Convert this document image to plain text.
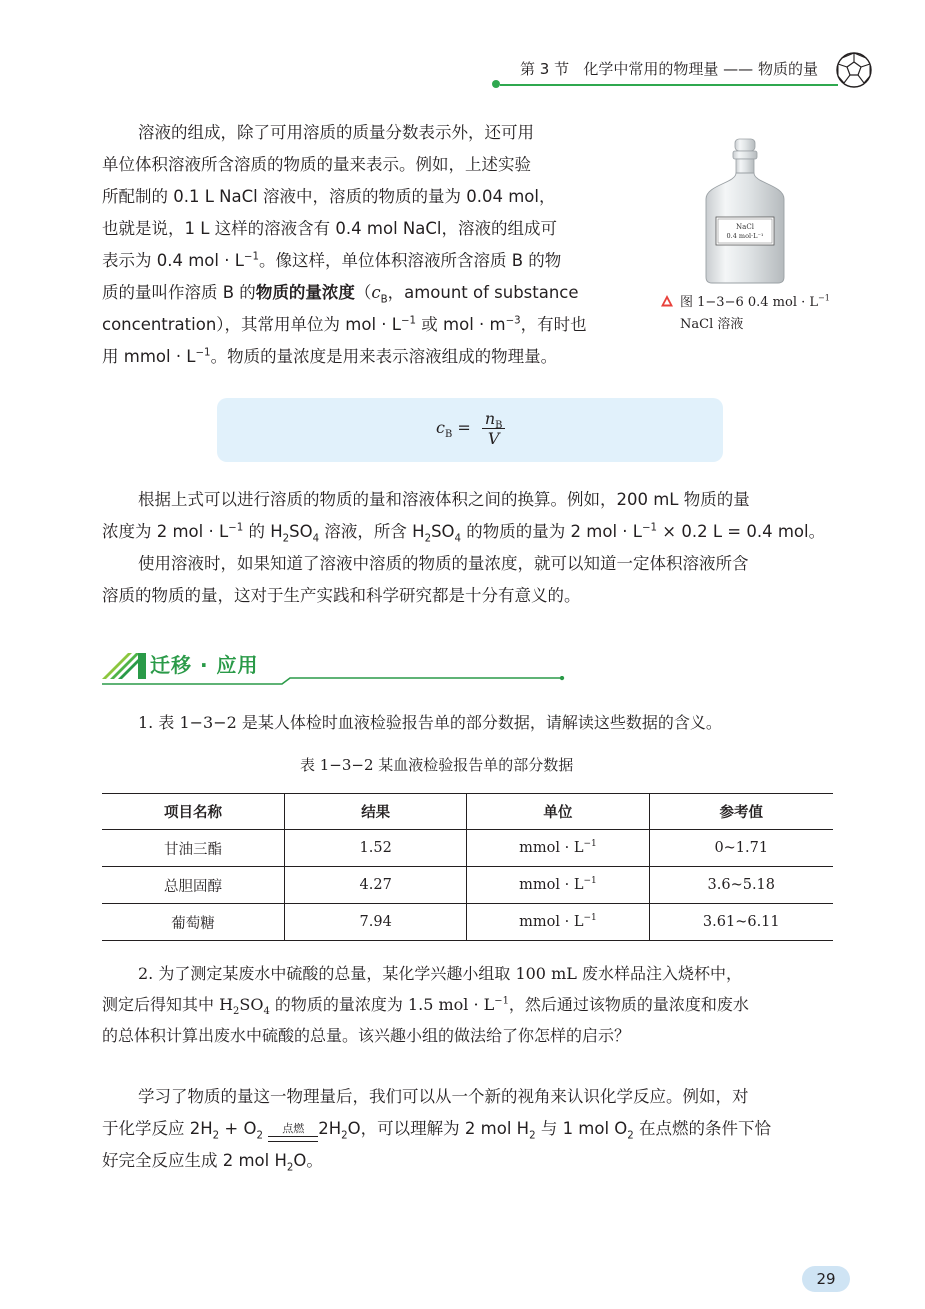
第 3 节 化学中常用的物理量 —— 物质的量
溶液的组成，除了可用溶质的质量分数表示外，还可用
单位体积溶液所含溶质的物质的量来表示。例如，上述实验
所配制的 0.1 L NaCl 溶液中，溶质的物质的量为 0.04 mol，
也就是说，1 L 这样的溶液含有 0.4 mol NaCl，溶液的组成可
表示为 0.4 mol · $L^{-1}$。像这样，单位体积溶液所含溶质 B 的物
质的量叫作溶质 B 的物质的量浓度（$c_B$，amount of substance
concentration），其常用单位为 mol · $L^{-1}$ 或 mol · $m^{-3}$，有时也
用 mmol · $L^{-1}$。物质的量浓度是用来表示溶液组成的物理量。
NaCl
0.4 mol·L⁻¹
图 1−3−6 0.4 mol · $L^{-1}$
NaCl 溶液
$c_B = \frac{n_B}{V}$
根据上式可以进行溶质的物质的量和溶液体积之间的换算。例如，200 mL 物质的量
浓度为 2 mol · $L^{-1}$ 的 $H_2SO_4$ 溶液，所含 $H_2SO_4$ 的物质的量为 2 mol · $L^{-1} \times 0.2$ L = 0.4 mol。
使用溶液时，如果知道了溶液中溶质的物质的量浓度，就可以知道一定体积溶液所含
溶质的物质的量，这对于生产实践和科学研究都是十分有意义的。
迁移 · 应用
1. 表 1−3−2 是某人体检时血液检验报告单的部分数据，请解读这些数据的含义。
表 1−3−2 某血液检验报告单的部分数据
项目名称	结果	单位	参考值
甘油三酯	1.52	mmol · $L^{-1}$	0~1.71
总胆固醇	4.27	mmol · $L^{-1}$	3.6~5.18
葡萄糖	7.94	mmol · $L^{-1}$	3.61~6.11
2. 为了测定某废水中硫酸的总量，某化学兴趣小组取 100 mL 废水样品注入烧杯中，
测定后得知其中 $H_2SO_4$ 的物质的量浓度为 1.5 mol · $L^{-1}$，然后通过该物质的量浓度和废水
的总体积计算出废水中硫酸的总量。该兴趣小组的做法给了你怎样的启示？
学习了物质的量这一物理量后，我们可以从一个新的视角来认识化学反应。例如，对
于化学反应 $2H_2 + O_2$
点燃 $2H_2O$，可以理解为 2 mol $H_2$ 与 1 mol $O_2$ 在点燃的条件下恰
好完全反应生成 2 mol $H_2O$。
29
